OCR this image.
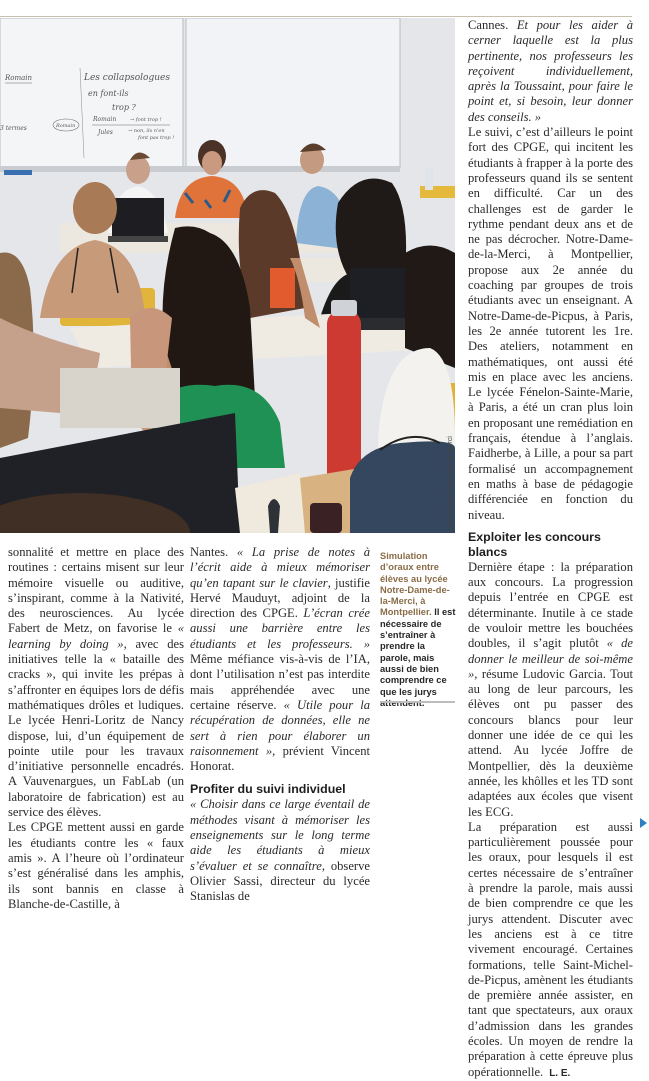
Romain	Les collapsologues
en font-ils
trop ?
Romain	→ font trop !
Jules	→ non, ils n'en
font pas trop !
3 termes	Romain
Lycée Notre-Dame-de-la-Merci

Cannes. Et pour les aider à cerner laquelle est la plus pertinente, nos professeurs les reçoivent individuellement, après la Toussaint, pour faire le point et, si besoin, leur donner des conseils. »

Le suivi, c’est d’ailleurs le point fort des CPGE, qui incitent les étudiants à frapper à la porte des professeurs quand ils se sentent en difficulté. Car un des challenges est de garder le rythme pendant deux ans et de ne pas décrocher. Notre-Dame-de-la-Merci, à Montpellier, propose aux 2e année du coaching par groupes de trois étudiants avec un enseignant. A Notre-Dame-de-Picpus, à Paris, les 2e année tutorent les 1re. Des ateliers, notamment en mathématiques, ont aussi été mis en place avec les anciens. Le lycée Fénelon-Sainte-Marie, à Paris, a été un cran plus loin en proposant une remédiation en français, étendue à l’anglais. Faidherbe, à Lille, a pour sa part formalisé un accompagnement en maths à base de pédagogie différenciée en fonction du niveau.

Exploiter les concours blancs

Dernière étape : la préparation aux concours. La progression depuis l’entrée en CPGE est déterminante. Inutile à ce stade de vouloir mettre les bouchées doubles, il s’agit plutôt « de donner le meilleur de soi-même », résume Ludovic Garcia. Tout au long de leur parcours, les élèves ont pu passer des concours blancs pour leur donner une idée de ce qui les attend. Au lycée Joffre de Montpellier, dès la deuxième année, les khôlles et les TD sont adaptées aux écoles que visent les ECG.

La préparation est aussi particulièrement poussée pour les oraux, pour lesquels il est certes nécessaire de s’entraîner à prendre la parole, mais aussi de bien comprendre ce que les jurys attendent. Discuter avec les anciens est à ce titre vivement encouragé. Certaines formations, telle Saint-Michel-de-Picpus, amènent les étudiants de première année assister, en tant que spectateurs, aux oraux d’admission dans les grandes écoles. Un moyen de rendre la préparation à cette épreuve plus opérationnelle. L. E.

sonnalité et mettre en place des routines : certains misent sur leur mémoire visuelle ou auditive, s’inspirant, comme à la Nativité, des neurosciences. Au lycée Fabert de Metz, on favorise le « learning by doing », avec des initiatives telle la « bataille des cracks », qui invite les prépas à s’affronter en équipes lors de défis mathématiques drôles et ludiques. Le lycée Henri-Loritz de Nancy dispose, lui, d’un équipement de pointe utile pour les travaux d’initiative personnelle encadrés. A Vauvenargues, un FabLab (un laboratoire de fabrication) est au service des élèves.

Les CPGE mettent aussi en garde les étudiants contre les « faux amis ». A l’heure où l’ordinateur s’est généralisé dans les amphis, ils sont bannis en classe à Blanche-de-Castille, à

Nantes. « La prise de notes à l’écrit aide à mieux mémoriser qu’en tapant sur le clavier, justifie Hervé Mauduyt, adjoint de la direction des CPGE. L’écran crée aussi une barrière entre les étudiants et les professeurs. » Même méfiance vis-à-vis de l’IA, dont l’utilisation n’est pas interdite mais appréhendée avec une certaine réserve. « Utile pour la récupération de données, elle ne sert à rien pour élaborer un raisonnement », prévient Vincent Honorat.

Profiter du suivi individuel

« Choisir dans ce large éventail de méthodes visant à mémoriser les enseignements sur le long terme aide les étudiants à mieux s’évaluer et se connaître, observe Olivier Sassi, directeur du lycée Stanislas de

Simulation d’oraux entre élèves au lycée Notre-Dame-de-la-Merci, à Montpellier. Il est nécessaire de s’entraîner à prendre la parole, mais aussi de bien comprendre ce que les jurys
